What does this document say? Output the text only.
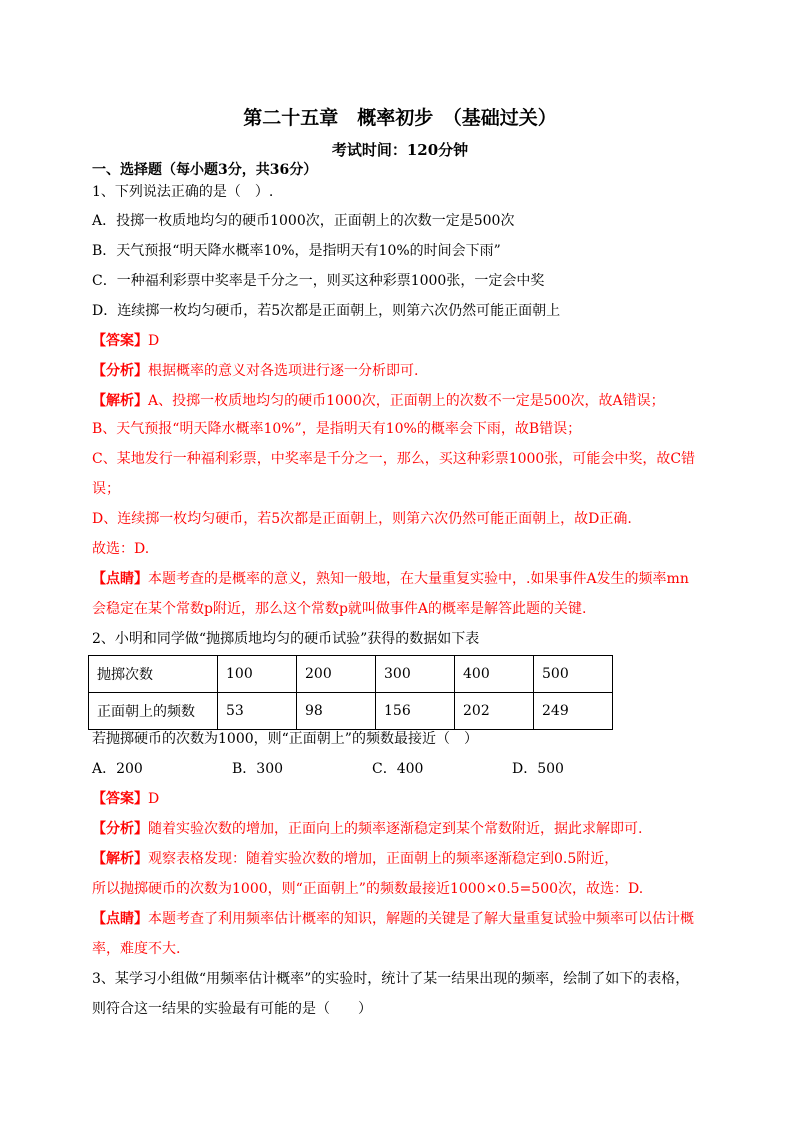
第二十五章　概率初步　（基础过关）
考试时间：120分钟
一、选择题（每小题3分，共36分）
1、下列说法正确的是（　）.
A．投掷一枚质地均匀的硬币1000次，正面朝上的次数一定是500次
B．天气预报“明天降水概率10%，是指明天有10%的时间会下雨”
C．一种福利彩票中奖率是千分之一，则买这种彩票1000张，一定会中奖
D．连续掷一枚均匀硬币，若5次都是正面朝上，则第六次仍然可能正面朝上
【答案】D
【分析】根据概率的意义对各选项进行逐一分析即可.
【解析】A、投掷一枚质地均匀的硬币1000次，正面朝上的次数不一定是500次，故A错误；
B、天气预报“明天降水概率10%”，是指明天有10%的概率会下雨，故B错误；
C、某地发行一种福利彩票，中奖率是千分之一，那么，买这种彩票1000张，可能会中奖，故C错
误；
D、连续掷一枚均匀硬币，若5次都是正面朝上，则第六次仍然可能正面朝上，故D正确.
故选：D.
【点睛】本题考查的是概率的意义，熟知一般地，在大量重复实验中，.如果事件A发生的频率mn
会稳定在某个常数p附近，那么这个常数p就叫做事件A的概率是解答此题的关键.
2、小明和同学做“抛掷质地均匀的硬币试验”获得的数据如下表
抛掷次数	100	200	300	400	500
正面朝上的频数	53	98	156	202	249
若抛掷硬币的次数为1000，则“正面朝上”的频数最接近（　）
A．200	B．300	C．400	D．500
【答案】D
【分析】随着实验次数的增加，正面向上的频率逐渐稳定到某个常数附近，据此求解即可.
【解析】观察表格发现：随着实验次数的增加，正面朝上的频率逐渐稳定到0.5附近，
所以抛掷硬币的次数为1000，则“正面朝上”的频数最接近1000×0.5=500次，故选：D.
【点睛】本题考查了利用频率估计概率的知识，解题的关键是了解大量重复试验中频率可以估计概
率，难度不大.
3、某学习小组做“用频率估计概率”的实验时，统计了某一结果出现的频率，绘制了如下的表格，
则符合这一结果的实验最有可能的是（　　）
